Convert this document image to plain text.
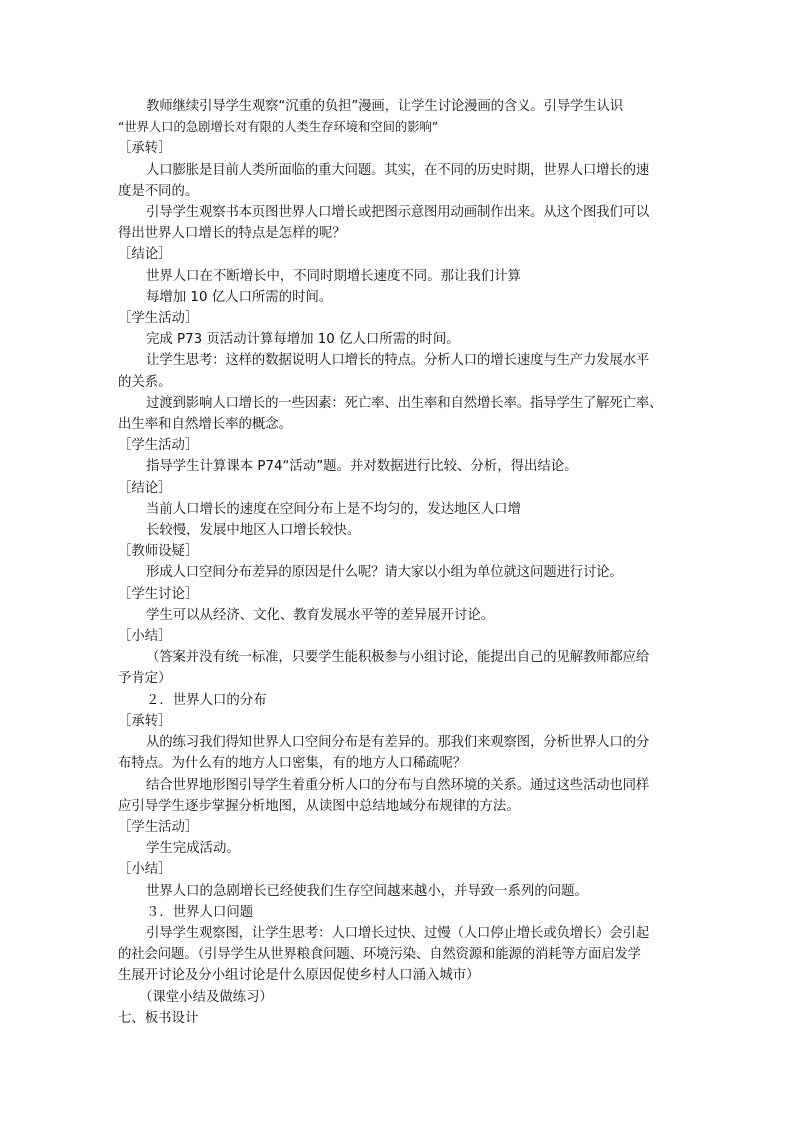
教师继续引导学生观察“沉重的负担”漫画，让学生讨论漫画的含义。引导学生认识
“世界人口的急剧增长对有限的人类生存环境和空间的影响”
［承转］
人口膨胀是目前人类所面临的重大问题。其实，在不同的历史时期，世界人口增长的速
度是不同的。
引导学生观察书本页图世界人口增长或把图示意图用动画制作出来。从这个图我们可以
得出世界人口增长的特点是怎样的呢？
［结论］
世界人口在不断增长中，不同时期增长速度不同。那让我们计算
每增加 10 亿人口所需的时间。
［学生活动］
完成 P73 页活动计算每增加 10 亿人口所需的时间。
让学生思考：这样的数据说明人口增长的特点。分析人口的增长速度与生产力发展水平
的关系。
过渡到影响人口增长的一些因素：死亡率、出生率和自然增长率。指导学生了解死亡率、
出生率和自然增长率的概念。
［学生活动］
指导学生计算课本 P74“活动”题。并对数据进行比较、分析，得出结论。
［结论］
当前人口增长的速度在空间分布上是不均匀的，发达地区人口增
长较慢，发展中地区人口增长较快。
［教师设疑］
形成人口空间分布差异的原因是什么呢？请大家以小组为单位就这问题进行讨论。
［学生讨论］
学生可以从经济、文化、教育发展水平等的差异展开讨论。
［小结］
（答案并没有统一标准，只要学生能积极参与小组讨论，能提出自己的见解教师都应给
予肯定）
２．世界人口的分布
［承转］
从的练习我们得知世界人口空间分布是有差异的。那我们来观察图，分析世界人口的分
布特点。为什么有的地方人口密集，有的地方人口稀疏呢？
结合世界地形图引导学生着重分析人口的分布与自然环境的关系。通过这些活动也同样
应引导学生逐步掌握分析地图，从读图中总结地域分布规律的方法。
［学生活动］
学生完成活动。
［小结］
世界人口的急剧增长已经使我们生存空间越来越小，并导致一系列的问题。
３．世界人口问题
引导学生观察图，让学生思考：人口增长过快、过慢（人口停止增长或负增长）会引起
的社会问题。（引导学生从世界粮食问题、环境污染、自然资源和能源的消耗等方面启发学
生展开讨论及分小组讨论是什么原因促使乡村人口涌入城市）
（课堂小结及做练习）
七、板书设计
